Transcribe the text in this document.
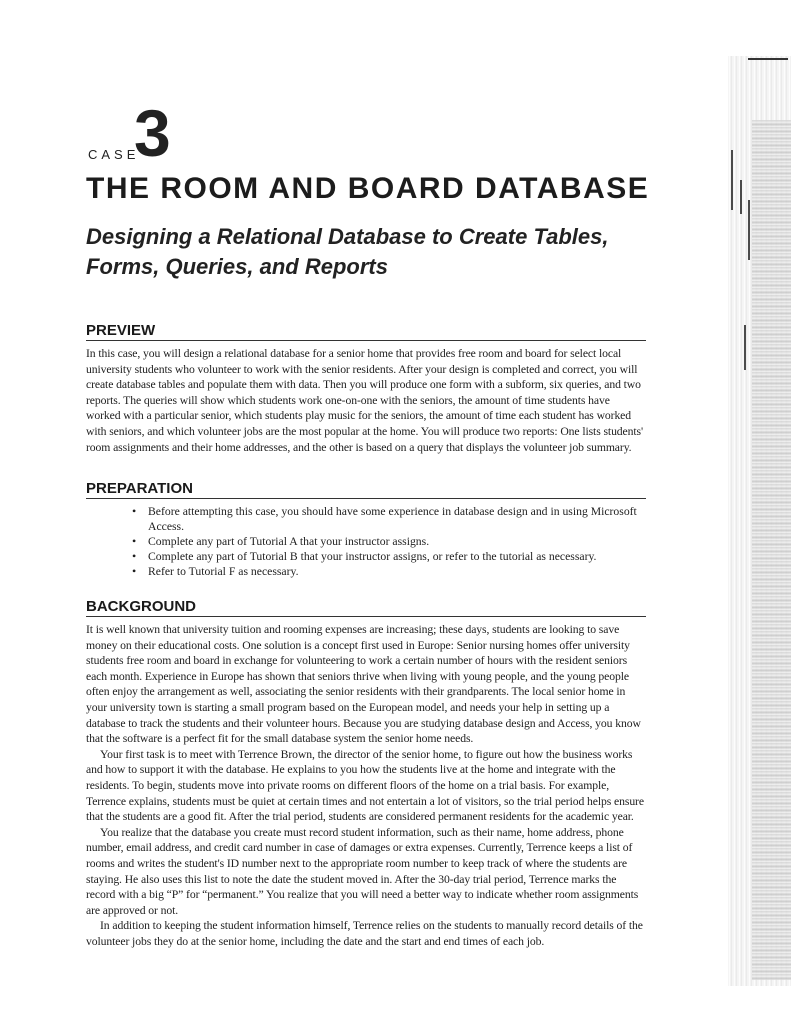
CASE
3
THE ROOM AND BOARD DATABASE
Designing a Relational Database to Create Tables, Forms, Queries, and Reports
PREVIEW

In this case, you will design a relational database for a senior home that provides free room and board for select local university students who volunteer to work with the senior residents. After your design is completed and correct, you will create database tables and populate them with data. Then you will produce one form with a subform, six queries, and two reports. The queries will show which students work one-on-one with the seniors, the amount of time students have worked with a particular senior, which students play music for the seniors, the amount of time each student has worked with seniors, and which volunteer jobs are the most popular at the home. You will produce two reports: One lists students' room assignments and their home addresses, and the other is based on a query that displays the volunteer job summary.

PREPARATION
• Before attempting this case, you should have some experience in database design and in using Microsoft Access.
• Complete any part of Tutorial A that your instructor assigns.
• Complete any part of Tutorial B that your instructor assigns, or refer to the tutorial as necessary.
• Refer to Tutorial F as necessary.
BACKGROUND

It is well known that university tuition and rooming expenses are increasing; these days, students are looking to save money on their educational costs. One solution is a concept first used in Europe: Senior nursing homes offer university students free room and board in exchange for volunteering to work a certain number of hours with the resident seniors each month. Experience in Europe has shown that seniors thrive when living with young people, and the young people often enjoy the arrangement as well, associating the senior residents with their grandparents. The local senior home in your university town is starting a small program based on the European model, and needs your help in setting up a database to track the students and their volunteer hours. Because you are studying database design and Access, you know that the software is a perfect fit for the small database system the senior home needs.

Your first task is to meet with Terrence Brown, the director of the senior home, to figure out how the business works and how to support it with the database. He explains to you how the students live at the home and integrate with the residents. To begin, students move into private rooms on different floors of the home on a trial basis. For example, Terrence explains, students must be quiet at certain times and not entertain a lot of visitors, so the trial period helps ensure that the students are a good fit. After the trial period, students are considered permanent residents for the academic year.

You realize that the database you create must record student information, such as their name, home address, phone number, email address, and credit card number in case of damages or extra expenses. Currently, Terrence keeps a list of rooms and writes the student's ID number next to the appropriate room number to keep track of where the students are staying. He also uses this list to note the date the student moved in. After the 30-day trial period, Terrence marks the record with a big “P” for “permanent.” You realize that you will need a better way to indicate whether room assignments are approved or not.

In addition to keeping the student information himself, Terrence relies on the students to manually record details of the volunteer jobs they do at the senior home, including the date and the start and end times of each job.
